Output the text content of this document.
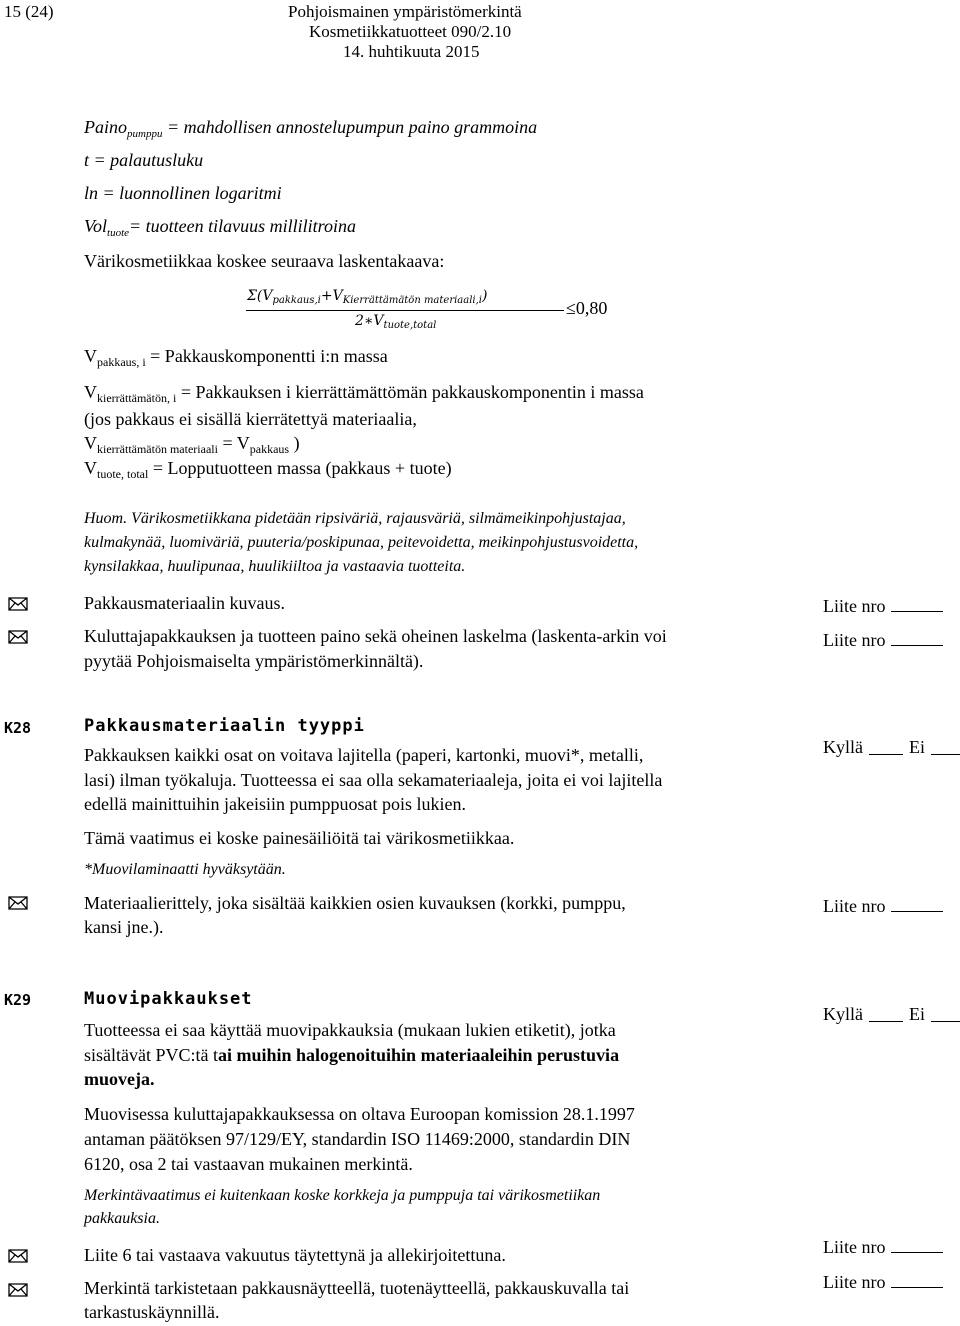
15 (24)	Pohjoismainen ympäristömerkintä
Kosmetiikkatuotteet 090/2.10
14. huhtikuuta 2015
Paino$_{pumppu}$ = mahdollisen annostelupumpun paino grammoina
t = palautusluku
ln = luonnollinen logaritmi
Vol$_{tuote}$= tuotteen tilavuus millilitroina
Värikosmetiikkaa koskee seuraava laskentakaava:
$\Sigma(V_{pakkaus,i}+V_{Kierrättämätön materiaali,i})$
$2∗V_{tuote,total}$
≤0,80
$V_{pakkaus, i}$ = Pakkauskomponentti i:n massa
$V_{kierrättämätön, i}$ = Pakkauksen i kierrättämättömän pakkauskomponentin i massa
(jos pakkaus ei sisällä kierrätettyä materiaalia,
$V_{kierrättämätön materiaali} = V_{pakkaus}$ )
$V_{tuote, total}$ = Lopputuotteen massa (pakkaus + tuote)
Huom. Värikosmetiikkana pidetään ripsiväriä, rajausväriä, silmämeikinpohjustajaa,
kulmakynää, luomiväriä, puuteria/poskipunaa, peitevoidetta, meikinpohjustusvoidetta,
kynsilakkaa, huulipunaa, huulikiiltoa ja vastaavia tuotteita.
Pakkausmateriaalin kuvaus.	Liite nro
Kuluttajapakkauksen ja tuotteen paino sekä oheinen laskelma (laskenta-arkin voi
pyytää Pohjoismaiselta ympäristömerkinnältä).
Liite nro
K28	Pakkausmateriaalin tyyppi
Pakkauksen kaikki osat on voitava lajitella (paperi, kartonki, muovi*, metalli,
lasi) ilman työkaluja. Tuotteessa ei saa olla sekamateriaaleja, joita ei voi lajitella
edellä mainittuihin jakeisiin pumppuosat pois lukien.
Tämä vaatimus ei koske painesäiliöitä tai värikosmetiikkaa.
*Muovilaminaatti hyväksytään.
Kyllä	Ei
Materiaalierittely, joka sisältää kaikkien osien kuvauksen (korkki, pumppu,
kansi jne.).
Liite nro
K29	Muovipakkaukset
Tuotteessa ei saa käyttää muovipakkauksia (mukaan lukien etiketit), jotka
sisältävät PVC:tä tai muihin halogenoituihin materiaaleihin perustuvia
muoveja.
Muovisessa kuluttajapakkauksessa on oltava Euroopan komission 28.1.1997
antaman päätöksen 97/129/EY, standardin ISO 11469:2000, standardin DIN
6120, osa 2 tai vastaavan mukainen merkintä.
Merkintävaatimus ei kuitenkaan koske korkkeja ja pumppuja tai värikosmetiikan
pakkauksia.
Kyllä	Ei
Liite 6 tai vastaava vakuutus täytettynä ja allekirjoitettuna.	Liite nro
Merkintä tarkistetaan pakkausnäytteellä, tuotenäytteellä, pakkauskuvalla tai
tarkastuskäynnillä.
Liite nro
